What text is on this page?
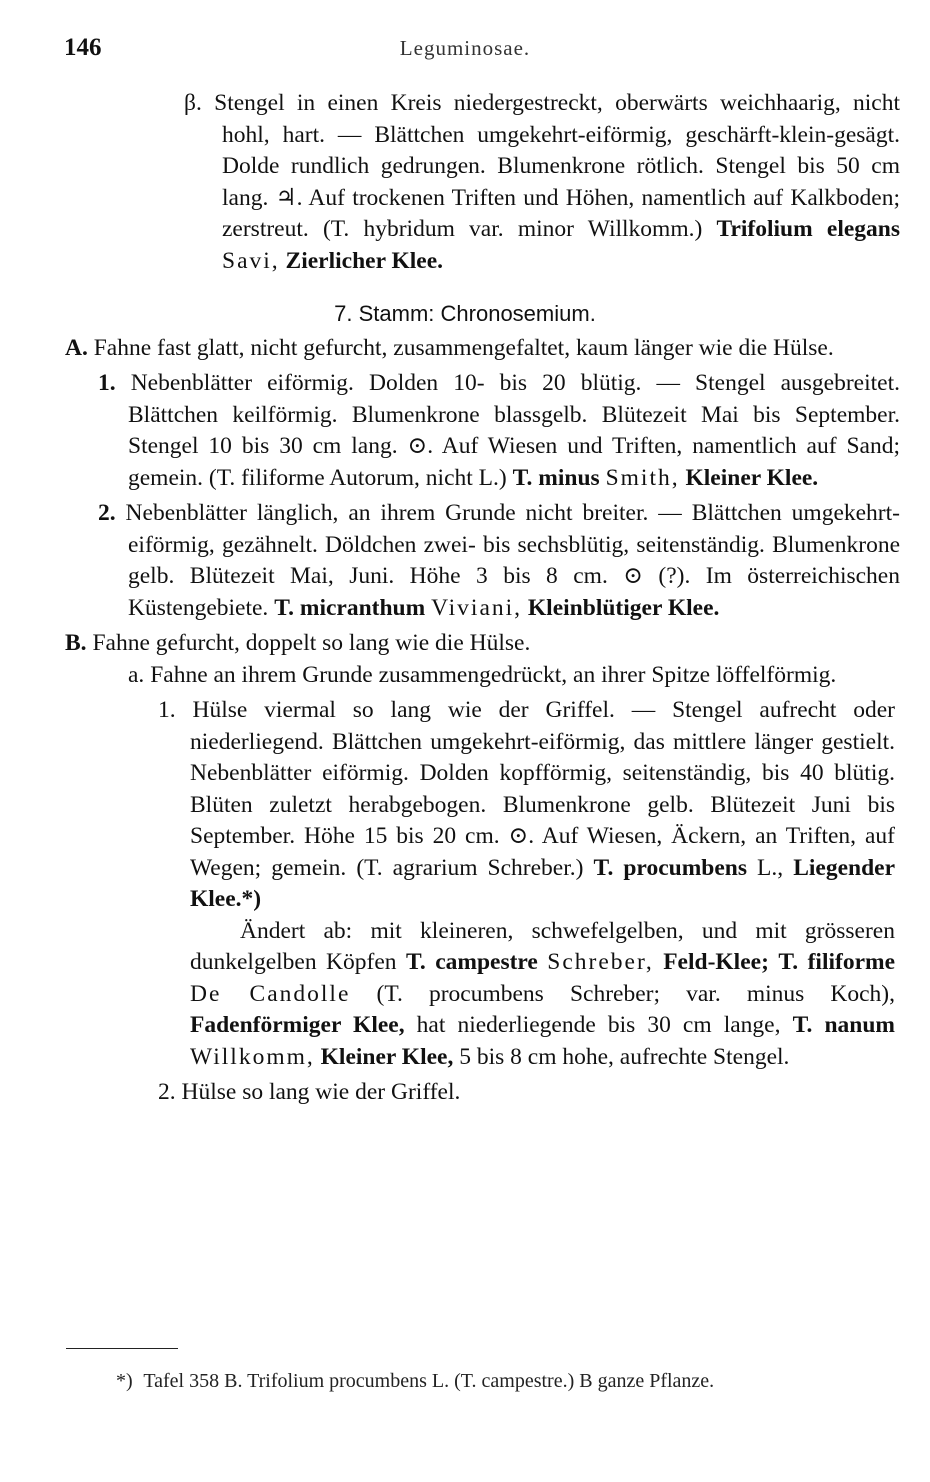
146	Leguminosae.

β. Stengel in einen Kreis niedergestreckt, oberwärts weichhaarig, nicht hohl, hart. — Blättchen umgekehrt-eiförmig, geschärft-klein-gesägt. Dolde rundlich gedrungen. Blumenkrone rötlich. Stengel bis 50 cm lang. ♃. Auf trockenen Triften und Höhen, namentlich auf Kalkboden; zerstreut. (T. hybridum var. minor Willkomm.) Trifolium elegans Savi, Zierlicher Klee.

7. Stamm: Chronosemium.

A. Fahne fast glatt, nicht gefurcht, zusammengefaltet, kaum länger wie die Hülse.

1. Nebenblätter eiförmig. Dolden 10- bis 20 blütig. — Stengel ausgebreitet. Blättchen keilförmig. Blumenkrone blassgelb. Blütezeit Mai bis September. Stengel 10 bis 30 cm lang. ⊙. Auf Wiesen und Triften, namentlich auf Sand; gemein. (T. filiforme Autorum, nicht L.) T. minus Smith, Kleiner Klee.

2. Nebenblätter länglich, an ihrem Grunde nicht breiter. — Blättchen umgekehrt-eiförmig, gezähnelt. Döldchen zwei- bis sechsblütig, seitenständig. Blumenkrone gelb. Blütezeit Mai, Juni. Höhe 3 bis 8 cm. ⊙ (?). Im österreichischen Küstengebiete. T. micranthum Viviani, Kleinblütiger Klee.

B. Fahne gefurcht, doppelt so lang wie die Hülse.

a. Fahne an ihrem Grunde zusammengedrückt, an ihrer Spitze löffelförmig.

1. Hülse viermal so lang wie der Griffel. — Stengel aufrecht oder niederliegend. Blättchen umgekehrt-eiförmig, das mittlere länger gestielt. Nebenblätter eiförmig. Dolden kopfförmig, seitenständig, bis 40 blütig. Blüten zuletzt herabgebogen. Blumenkrone gelb. Blütezeit Juni bis September. Höhe 15 bis 20 cm. ⊙. Auf Wiesen, Äckern, an Triften, auf Wegen; gemein. (T. agrarium Schreber.) T. procumbens L., Liegender Klee.*)

Ändert ab: mit kleineren, schwefelgelben, und mit grösseren dunkelgelben Köpfen T. campestre Schreber, Feld-Klee; T. filiforme De Candolle (T. procumbens Schreber; var. minus Koch), Fadenförmiger Klee, hat niederliegende bis 30 cm lange, T. nanum Willkomm, Kleiner Klee, 5 bis 8 cm hohe, aufrechte Stengel.

2. Hülse so lang wie der Griffel.

*) Tafel 358 B. Trifolium procumbens L. (T. campestre.) B ganze Pflanze.
